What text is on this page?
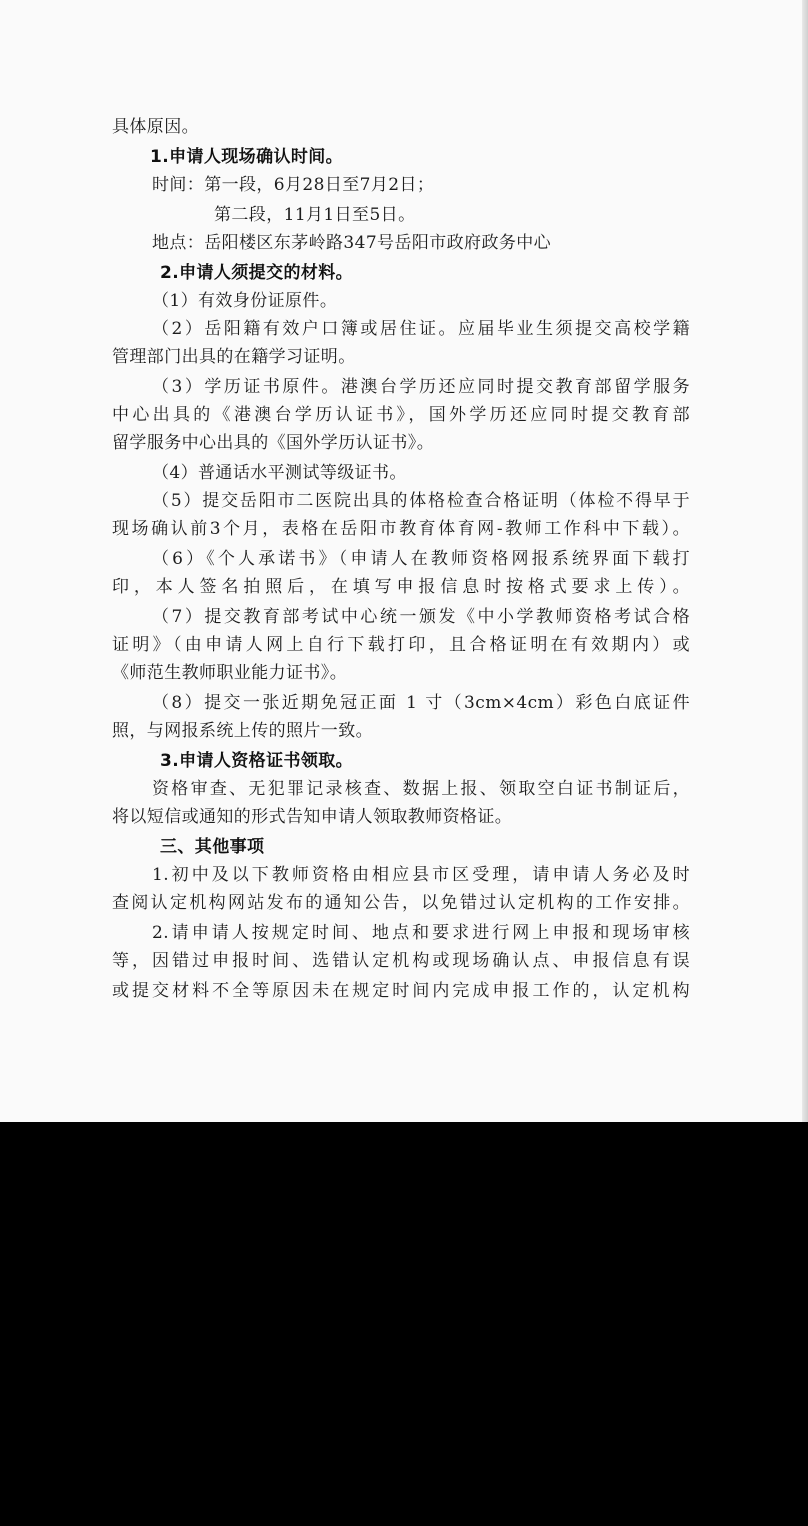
具体原因。
1.申请人现场确认时间。
时间：第一段，6月28日至7月2日；
第二段，11月1日至5日。
地点：岳阳楼区东茅岭路347号岳阳市政府政务中心
2.申请人须提交的材料。
（1）有效身份证原件。
（2）岳阳籍有效户口簿或居住证。应届毕业生须提交高校学籍
管理部门出具的在籍学习证明。
（3）学历证书原件。港澳台学历还应同时提交教育部留学服务
中心出具的《港澳台学历认证书》，国外学历还应同时提交教育部
留学服务中心出具的《国外学历认证书》。
（4）普通话水平测试等级证书。
（5）提交岳阳市二医院出具的体格检查合格证明（体检不得早于
现场确认前3个月，表格在岳阳市教育体育网-教师工作科中下载）。
（6）《个人承诺书》（申请人在教师资格网报系统界面下载打
印，本人签名拍照后，在填写申报信息时按格式要求上传）。
（7）提交教育部考试中心统一颁发《中小学教师资格考试合格
证明》（由申请人网上自行下载打印，且合格证明在有效期内）或
《师范生教师职业能力证书》。
（8）提交一张近期免冠正面 1 寸（3cm×4cm）彩色白底证件
照，与网报系统上传的照片一致。
3.申请人资格证书领取。
资格审查、无犯罪记录核查、数据上报、领取空白证书制证后，
将以短信或通知的形式告知申请人领取教师资格证。
三、其他事项
1.初中及以下教师资格由相应县市区受理，请申请人务必及时
查阅认定机构网站发布的通知公告，以免错过认定机构的工作安排。
2.请申请人按规定时间、地点和要求进行网上申报和现场审核
等，因错过申报时间、选错认定机构或现场确认点、申报信息有误
或提交材料不全等原因未在规定时间内完成申报工作的，认定机构
